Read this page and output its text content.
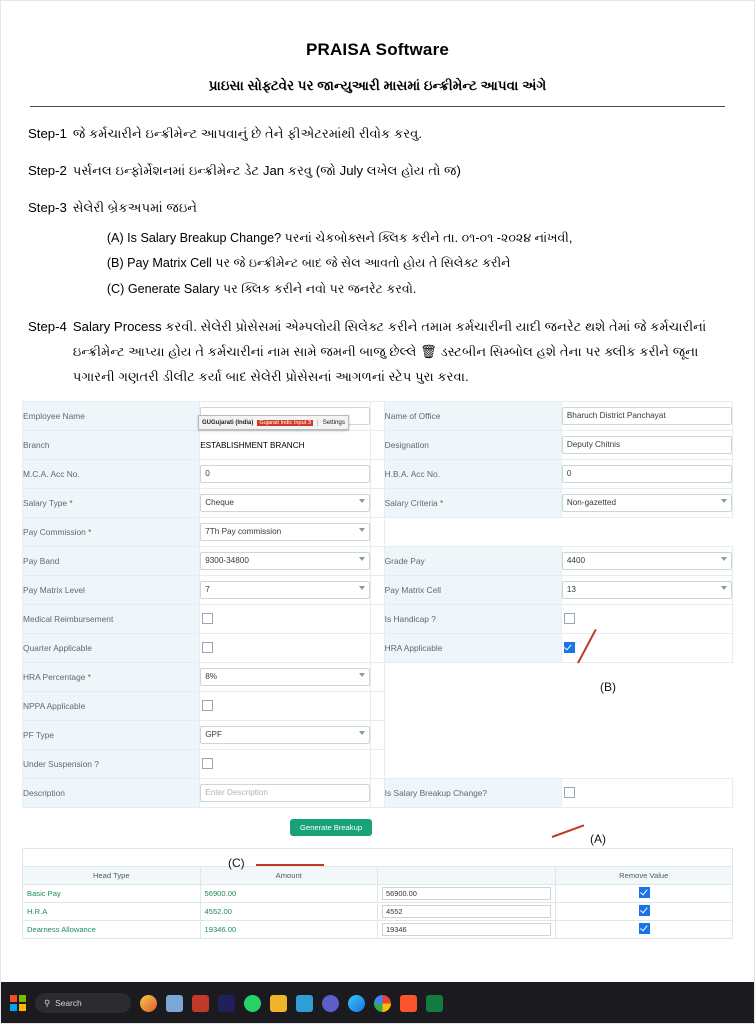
PRAISA Software
પ્રાઇસા સોફ્ટવેર પર જાન્યુઆરી માસમાં ઇન્ક્રીમેન્ટ આપવા અંગે
Step-1 જે કર્મચારીને ઇન્ક્રીમેન્ટ આપવાનું છે તેને ફીએટરમાંથી રીવોક કરવુ.
Step-2 પર્સનલ ઇન્ફોર્મેશનમાં ઇન્ક્રીમેન્ટ ડેટ Jan કરવુ (જો July લખેલ હોય તો જ)
Step-3 સેલેરી બ્રેકઅપમાં જઇને
(A) Is Salary Breakup Change? પરનાં ચેકબોક્સને ક્લિક કરીને તા. ૦૧-૦૧ -૨૦૨૪ નાંખવી,
(B) Pay Matrix Cell પર જે ઇન્ક્રીમેન્ટ બાદ જે સેલ આવતો હોય તે સિલેક્ટ કરીને
(C) Generate Salary પર ક્લિક કરીને નવો પર જનરેટ કરવો.
Step-4 Salary Process કરવી. સેલેરી પ્રોસેસમાં એમ્પલોયી સિલેક્ટ કરીને તમામ કર્મચારીની યાદી જનરેટ થશે તેમાં જે કર્મચારીનાં ઇન્ક્રીમેન્ટ આપ્યા હોય તે કર્મચારીનાં નામ સામે જમની બાજુ છેલ્લે 🗑 ડસ્ટબીન સિમ્બોલ હશે તેના પર ક્લીક કરીને જૂના પગારની ગણતરી ડીલીટ કર્યા બાદ સેલેરી પ્રોસેસનાં આગળનાં સ્ટેપ પુરા કરવા.
GUGujarati (India)	Gujarati Indic Input 3 | Settings
Employee Name			Name of Office	Bharuch District Panchayat

Branch	ESTABLISHMENT BRANCH		Designation	Deputy Chitnis

M.C.A. Acc No.	0		H.B.A. Acc No.	0

Salary Type *	Cheque		Salary Criteria *	Non-gazetted

Pay Commission *	7Th Pay commission			

Pay Band	9300-34800		Grade Pay	4400

Pay Matrix Level	7		Pay Matrix Cell	13

Medical Reimbursement			Is Handicap ?	
Quarter Applicable			HRA Applicable	
HRA Percentage *	8%			

NPPA Applicable				
PF Type	GPF			

Under Suspension ?				
Description	Enter Description		Is Salary Breakup Change?	
Generate Breakup

Head Type	Amount		Remove Value
Basic Pay	56900.00	56900.00	

H.R.A	4552.00	4552	

Dearness Allowance	19346.00	19346	

(B)
(A)
(C)
⚲ Search
